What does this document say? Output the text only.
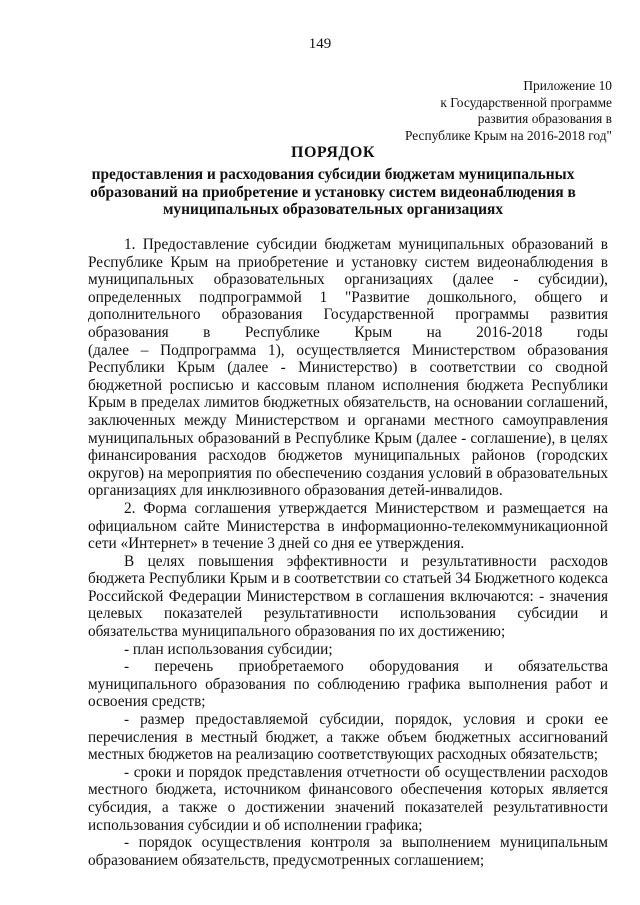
149
Приложение 10
к Государственной программе
развития образования в
Республике Крым на 2016-2018 год"
ПОРЯДОК
предоставления и расходования субсидии бюджетам муниципальных
образований на приобретение и установку систем видеонаблюдения в
муниципальных образовательных организациях

1. Предоставление субсидии бюджетам муниципальных образований в
Республике Крым на приобретение и установку систем видеонаблюдения в
муниципальных образовательных организациях (далее - субсидии),
определенных подпрограммой 1 "Развитие дошкольного, общего и
дополнительного образования Государственной программы развития
образования в Республике Крым на 2016-2018 годы
(далее – Подпрограмма 1), осуществляется Министерством образования
Республики Крым (далее - Министерство) в соответствии со сводной
бюджетной росписью и кассовым планом исполнения бюджета Республики
Крым в пределах лимитов бюджетных обязательств, на основании соглашений,
заключенных между Министерством и органами местного самоуправления
муниципальных образований в Республике Крым (далее - соглашение), в целях
финансирования расходов бюджетов муниципальных районов (городских
округов) на мероприятия по обеспечению создания условий в образовательных
организациях для инклюзивного образования детей-инвалидов.

2. Форма соглашения утверждается Министерством и размещается на
официальном сайте Министерства в информационно-телекоммуникационной
сети «Интернет» в течение 3 дней со дня ее утверждения.

В целях повышения эффективности и результативности расходов
бюджета Республики Крым и в соответствии со статьей 34 Бюджетного кодекса
Российской Федерации Министерством в соглашения включаются: - значения
целевых показателей результативности использования субсидии и
обязательства муниципального образования по их достижению;

- план использования субсидии;

- перечень приобретаемого оборудования и обязательства
муниципального образования по соблюдению графика выполнения работ и
освоения средств;

- размер предоставляемой субсидии, порядок, условия и сроки ее
перечисления в местный бюджет, а также объем бюджетных ассигнований
местных бюджетов на реализацию соответствующих расходных обязательств;

- сроки и порядок представления отчетности об осуществлении расходов
местного бюджета, источником финансового обеспечения которых является
субсидия, а также о достижении значений показателей результативности
использования субсидии и об исполнении графика;

- порядок осуществления контроля за выполнением муниципальным
образованием обязательств, предусмотренных соглашением;
